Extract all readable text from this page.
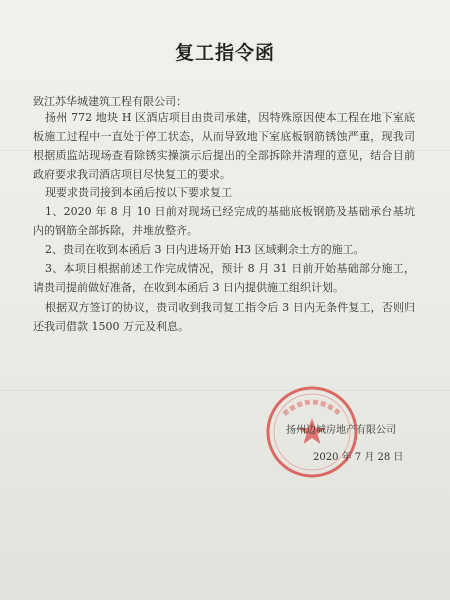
复工指令函
致江苏华城建筑工程有限公司：
扬州 772 地块 H 区酒店项目由贵司承建，因特殊原因使本工程在地下室底板施工过程中一直处于停工状态，从而导致地下室底板钢筋锈蚀严重，现我司根据质监站现场查看除锈实操演示后提出的全部拆除并清理的意见，结合目前政府要求我司酒店项目尽快复工的要求。
现要求贵司接到本函后按以下要求复工
1、2020 年 8 月 10 日前对现场已经完成的基础底板钢筋及基础承台基坑内的钢筋全部拆除，并堆放整齐。
2、贵司在收到本函后 3 日内进场开始 H3 区域剩余土方的施工。
3、本项目根据前述工作完成情况，预计 8 月 31 日前开始基础部分施工，请贵司提前做好准备，在收到本函后 3 日内提供施工组织计划。
根据双方签订的协议，贵司收到我司复工指令后 3 日内无条件复工，否则归还我司借款 1500 万元及利息。
扬州边城房地产有限公司
2020 年 7 月 28 日
